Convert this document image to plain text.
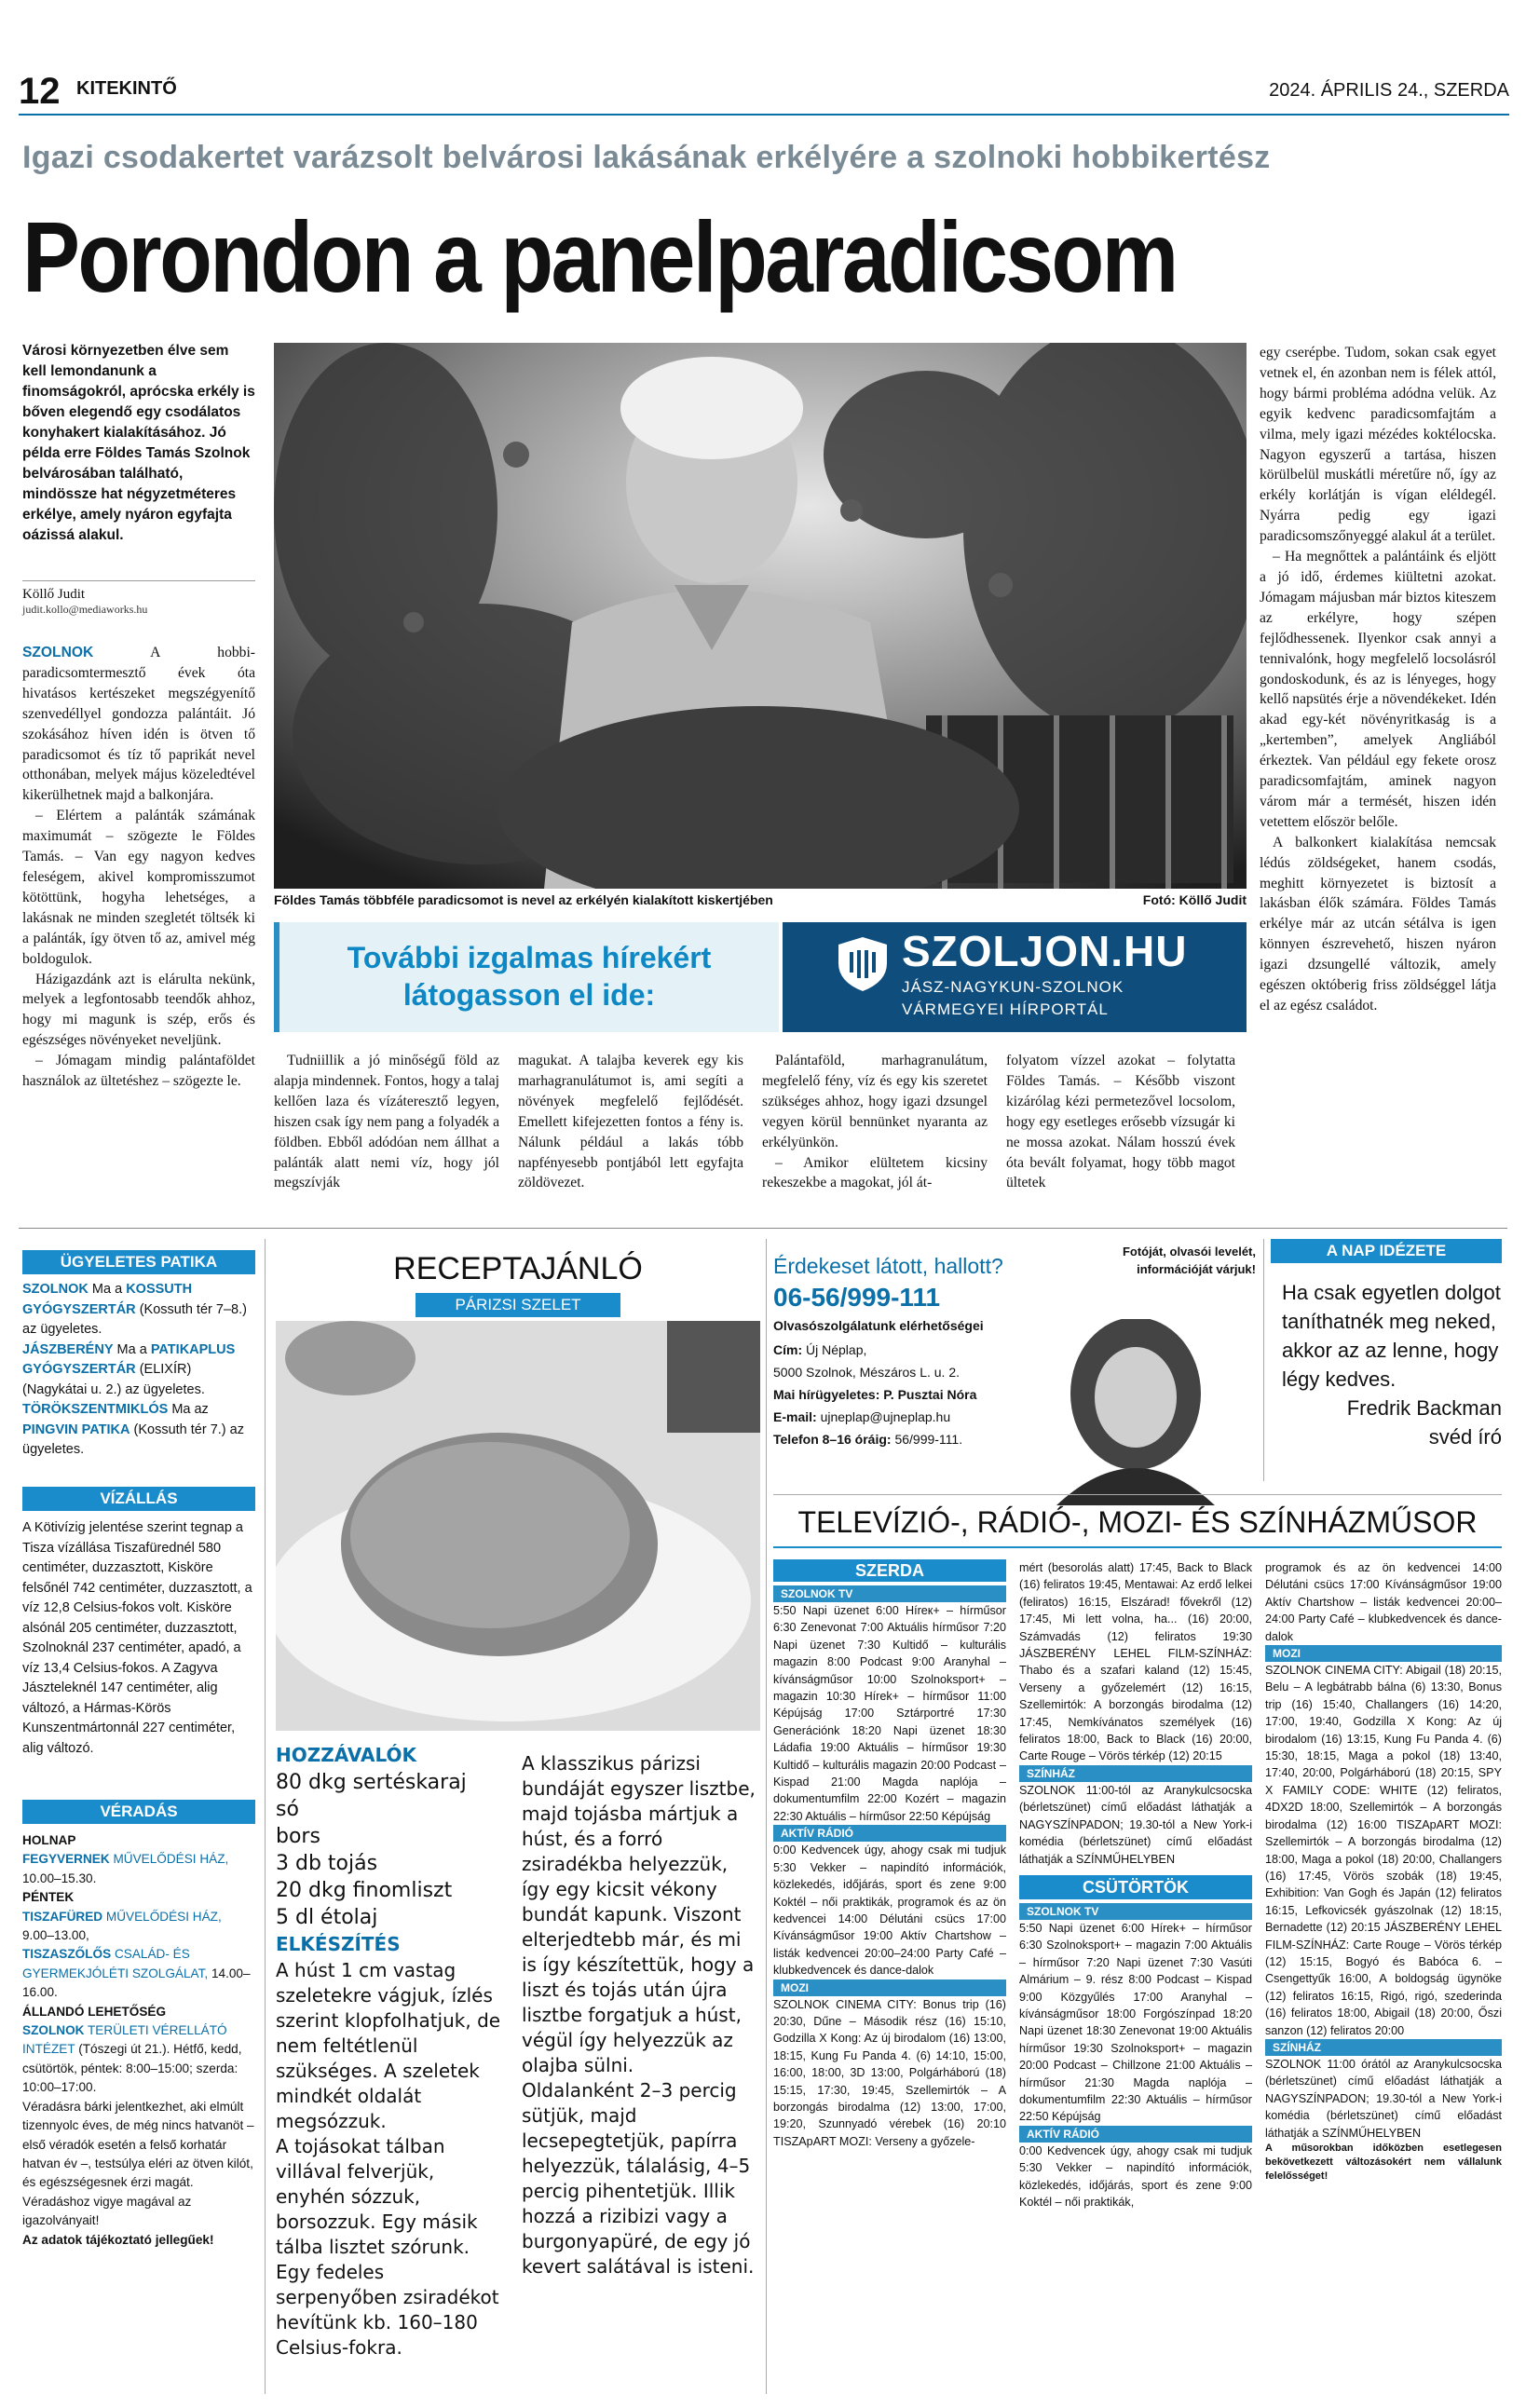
12 KITEKINTŐ	2024. ÁPRILIS 24., SZERDA
Igazi csodakertet varázsolt belvárosi lakásának erkélyére a szolnoki hobbikertész
Porondon a panelparadicsom
Városi környezetben élve sem kell lemondanunk a finomságokról, aprócska erkély is bőven elegendő egy csodálatos konyhakert kialakításához. Jó példa erre Földes Tamás Szolnok belvárosában található, mindössze hat négyzetméteres erkélye, amely nyáron egyfajta oázissá alakul.
Köllő Judit
judit.kollo@mediaworks.hu

SZOLNOK	A hobbi-paradicsomtermesztő évek óta hivatásos kertészeket megszégyenítő szenvedéllyel gondozza palántáit. Jó szokásához híven idén is ötven tő paradicsomot és tíz tő paprikát nevel otthonában, melyek május közeledtével kikerülhetnek majd a balkonjára.

– Elértem a palánták számának maximumát – szögezte le Földes Tamás. – Van egy nagyon kedves feleségem, akivel kompromisszumot kötöttünk, hogyha lehetséges, a lakásnak ne minden szegletét töltsék ki a palánták, így ötven tő az, amivel még boldogulok.

Házigazdánk azt is elárulta nekünk, melyek a legfontosabb teendők ahhoz, hogy mi magunk is szép, erős és egészséges növényeket neveljünk.

– Jómagam mindig palántaföldet használok az ültetéshez – szögezte le.

Földes Tamás többféle paradicsomot is nevel az erkélyén kialakított kiskertjében	Fotó: Köllő Judit
További izgalmas hírekért
látogasson el ide:
SZOLJON.HU
JÁSZ-NAGYKUN-SZOLNOK
VÁRMEGYEI HÍRPORTÁL

Tudniillik a jó minőségű föld az alapja mindennek. Fontos, hogy a talaj kellően laza és vízáteresztő legyen, hiszen csak így nem pang a folyadék a földben. Ebből adódóan nem állhat a palánták alatt nemi víz, hogy jól megszívják

magukat. A talajba keverek egy kis marhagranulátumot is, ami segíti a növények megfelelő fejlődését. Emellett kifejezetten fontos a fény is. Nálunk például a lakás tóbb napfényesebb pontjából lett egyfajta zöldövezet.

Palántaföld, marhagranulátum, megfelelő fény, víz és egy kis szeretet szükséges ahhoz, hogy igazi dzsungel vegyen körül bennünket nyaranta az erkélyünkön.

– Amikor elültetem kicsiny rekeszekbe a magokat, jól át-

folyatom vízzel azokat – folytatta Földes Tamás. – Később viszont kizárólag kézi permetezővel locsolom, hogy egy esetleges erősebb vízsugár ki ne mossa azokat. Nálam hosszú évek óta bevált folyamat, hogy több magot ültetek

egy cserépbe. Tudom, sokan csak egyet vetnek el, én azonban nem is félek attól, hogy bármi probléma adódna velük. Az egyik kedvenc paradicsomfajtám a vilma, mely igazi mézédes koktélocska. Nagyon egyszerű a tartása, hiszen körülbelül muskátli méretűre nő, így az erkély korlátján is vígan eléldegél. Nyárra pedig egy igazi paradicsomszőnyeggé alakul át a terület.

– Ha megnőttek a palántáink és eljött a jó idő, érdemes kiültetni azokat. Jómagam májusban már biztos kiteszem az erkélyre, hogy szépen fejlődhessenek. Ilyenkor csak annyi a tennivalónk, hogy megfelelő locsolásról gondoskodunk, és az is lényeges, hogy kellő napsütés érje a növendékeket. Idén akad egy-két növényritkaság is a „kertemben”, amelyek Angliából érkeztek. Van például egy fekete orosz paradicsomfajtám, aminek nagyon várom már a termését, hiszen idén vetettem először belőle.

A balkonkert kialakítása nemcsak lédús zöldségeket, hanem csodás, meghitt környezetet is biztosít a lakásban élők számára. Földes Tamás erkélye már az utcán sétálva is igen könnyen észrevehető, hiszen nyáron igazi dzsungellé változik, amely egészen októberig friss zöldséggel látja el az egész családot.

ÜGYELETES PATIKA
SZOLNOK Ma a KOSSUTH GYÓGYSZERTÁR (Kossuth tér 7–8.) az ügyeletes.
JÁSZBERÉNY Ma a PATIKAPLUS GYÓGYSZERTÁR (ELIXÍR) (Nagykátai u. 2.) az ügyeletes.
TÖRÖKSZENTMIKLÓS Ma az PINGVIN PATIKA (Kossuth tér 7.) az ügyeletes.
VÍZÁLLÁS
A Kötivízig jelentése szerint tegnap a Tisza vízállása Tiszafürednél 580 centiméter, duzzasztott, Kisköre felsőnél 742 centiméter, duzzasztott, a víz 12,8 Celsius-fokos volt. Kisköre alsónál 205 centiméter, duzzasztott, Szolnoknál 237 centiméter, apadó, a víz 13,4 Celsius-fokos. A Zagyva Jászteleknél 147 centiméter, alig változó, a Hármas-Körös Kunszentmártonnál 227 centiméter, alig változó.
VÉRADÁS
HOLNAP
FEGYVERNEK MŰVELŐDÉSI HÁZ, 10.00–15.30.
PÉNTEK
TISZAFÜRED MŰVELŐDÉSI HÁZ, 9.00–13.00,
TISZASZŐLŐS CSALÁD- ÉS GYERMEKJÓLÉTI SZOLGÁLAT, 14.00–16.00.
ÁLLANDÓ LEHETŐSÉG
SZOLNOK TERÜLETI VÉRELLÁTÓ INTÉZET (Tószegi út 21.). Hétfő, kedd, csütörtök, péntek: 8:00–15:00; szerda: 10:00–17:00.
Véradásra bárki jelentkezhet, aki elmúlt tizennyolc éves, de még nincs hatvanöt – első véradók esetén a felső korhatár hatvan év –, testsúlya eléri az ötven kilót, és egészségesnek érzi magát. Véradáshoz vigye magával az igazolványait!
Az adatok tájékoztató jellegűek!
RECEPTAJÁNLÓ
PÁRIZSI SZELET
HOZZÁVALÓK
80 dkg sertéskaraj
só
bors
3 db tojás
20 dkg finomliszt
5 dl étolaj
ELKÉSZÍTÉS
A húst 1 cm vastag szeletekre vágjuk, ízlés szerint klopfolhatjuk, de nem feltétlenül szükséges. A szeletek mindkét oldalát megsózzuk.
A tojásokat tálban villával felverjük, enyhén sózzuk, borsozzuk. Egy másik tálba lisztet szórunk.
Egy fedeles serpenyőben zsiradékot hevítünk kb. 160–180 Celsius-fokra.
A klasszikus párizsi bundáját egyszer lisztbe, majd tojásba mártjuk a húst, és a forró zsiradékba helyezzük, így egy kicsit vékony bundát kapunk. Viszont elterjedtebb már, és mi is így készítettük, hogy a liszt és tojás után újra lisztbe forgatjuk a húst, végül így helyezzük az olajba sülni.
Oldalanként 2–3 percig sütjük, majd lecsepegtetjük, papírra helyezzük, tálalásig, 4–5 percig pihentetjük. Illik hozzá a rizibizi vagy a burgonyapüré, de egy jó kevert salátával is isteni.
Érdekeset látott, hallott?
06-56/999-111
Olvasószolgálatunk elérhetőségei
Cím: Új Néplap,
5000 Szolnok, Mészáros L. u. 2.
Mai hírügyeletes: P. Pusztai Nóra
E-mail: ujneplap@ujneplap.hu
Telefon 8–16 óráig: 56/999-111.
Fotóját, olvasói levelét, információját várjuk!
A NAP IDÉZETE
Ha csak egyetlen dolgot taníthatnék meg neked, akkor az az lenne, hogy légy kedves.
Fredrik Backman
svéd író
TELEVÍZIÓ-, RÁDIÓ-, MOZI- ÉS SZÍNHÁZMŰSOR
SZERDA
SZOLNOK TV
5:50 Napi üzenet 6:00 Híreк+ – hírműsor 6:30 Zenevonat 7:00 Aktuális hírműsor 7:20 Napi üzenet 7:30 Kultidő – kulturális magazin 8:00 Podcast 9:00 Aranyhal – kívánságműsor 10:00 Szolnoksport+ – magazin 10:30 Hírek+ – hírműsor 11:00 Képújság 17:00 Sztárportré 17:30 Generációnk 18:20 Napi üzenet 18:30 Ládafia 19:00 Aktuális – hírműsor 19:30 Kultidő – kulturális magazin 20:00 Podcast – Kispad 21:00 Magda naplója – dokumentumfilm 22:00 Kozért – magazin 22:30 Aktuális – hírműsor 22:50 Képújság
AKTÍV RÁDIÓ
0:00 Kedvencek úgy, ahogy csak mi tudjuk 5:30 Vekker – napindító információk, közlekedés, időjárás, sport és zene 9:00 Koktél – női praktikák, programok és az ön kedvencei 14:00 Délutáni csücs 17:00 Kívánságműsor 19:00 Aktív Chartshow – listák kedvencei 20:00–24:00 Party Café – klubkedvencek és dance-dalok
MOZI
SZOLNOK CINEMA CITY: Bonus trip (16) 20:30, Dűne – Második rész (16) 15:10, Godzilla X Kong: Az új birodalom (16) 13:00, 18:15, Kung Fu Panda 4. (6) 14:10, 15:00, 16:00, 18:00, 3D 13:00, Polgárháború (18) 15:15, 17:30, 19:45, Szellemirtók – A borzongás birodalma (12) 13:00, 17:00, 19:20, Szunnyadó vérebek (16) 20:10 TISZApART MOZI: Verseny a győzele-
mért (besorolás alatt) 17:45, Back to Black (16) feliratos 19:45, Mentawai: Az erdő lelkei (feliratos) 16:15, Elszárad! fővekről (12) 17:45, Mi lett volna, ha... (16) 20:00, Számvadás (12) feliratos 19:30 JÁSZBERÉNY LEHEL FILM-SZÍNHÁZ: Thabo és a szafari kaland (12) 15:45, Verseny a győzelemért (12) 16:15, Szellemirtók: A borzongás birodalma (12) 17:45, Nemkívánatos személyek (16) feliratos 18:00, Back to Black (16) 20:00, Carte Rouge – Vörös térkép (12) 20:15
SZÍNHÁZ
SZOLNOK 11:00-tól az Aranykulcsocska (bérletszünet) című előadást láthatják a NAGYSZÍNPADON; 19.30-tól a New York-i komédia (bérletszünet) című előadást láthatják a SZÍNMŰHELYBEN
CSÜTÖRTÖK
SZOLNOK TV
5:50 Napi üzenet 6:00 Hírek+ – hírműsor 6:30 Szolnoksport+ – magazin 7:00 Aktuális – hírműsor 7:20 Napi üzenet 7:30 Vasúti Almárium – 9. rész 8:00 Podcast – Kispad 9:00 Közgyűlés 17:00 Aranyhal – kívánságműsor 18:00 Forgószínpad 18:20 Napi üzenet 18:30 Zenevonat 19:00 Aktuális hírműsor 19:30 Szolnoksport+ – magazin 20:00 Podcast – Chillzone 21:00 Aktuális – hírműsor 21:30 Magda naplója – dokumentumfilm 22:30 Aktuális – hírműsor 22:50 Képújság
AKTÍV RÁDIÓ
0:00 Kedvencek úgy, ahogy csak mi tudjuk 5:30 Vekker – napindító információk, közlekedés, időjárás, sport és zene 9:00 Koktél – női praktikák,
programok és az ön kedvencei 14:00 Délutáni csücs 17:00 Kívánságműsor 19:00 Aktív Chartshow – listák kedvencei 20:00–24:00 Party Café – klubkedvencek és dance-dalok
MOZI
SZOLNOK CINEMA CITY: Abigail (18) 20:15, Belu – A legbátrabb bálna (6) 13:30, Bonus trip (16) 15:40, Challangers (16) 14:20, 17:00, 19:40, Godzilla X Kong: Az új birodalom (16) 13:15, Kung Fu Panda 4. (6) 15:30, 18:15, Maga a pokol (18) 13:40, 17:40, 20:00, Polgárháború (18) 20:15, SPY X FAMILY CODE: WHITE (12) feliratos, 4DX2D 18:00, Szellemirtók – A borzongás birodalma (12) 16:00 TISZApART MOZI: Szellemirtók – A borzongás birodalma (12) 18:00, Maga a pokol (18) 20:00, Challangers (16) 17:45, Vörös szobák (18) 19:45, Exhibition: Van Gogh és Japán (12) feliratos 16:15, Lefkovicsék gyászolnak (12) 18:15, Bernadette (12) 20:15 JÁSZBERÉNY LEHEL FILM-SZÍNHÁZ: Carte Rouge – Vörös térkép (12) 15:15, Bogyó és Babóca 6. – Csengettyűk 16:00, A boldogság ügynöke (12) feliratos 16:15, Rigó, rigó, szederinda (16) feliratos 18:00, Abigail (18) 20:00, Őszi sanzon (12) feliratos 20:00
SZÍNHÁZ
SZOLNOK 11:00 órától az Aranykulcsocska (bérletszünet) című előadást láthatják a NAGYSZÍNPADON; 19.30-tól a New York-i komédia (bérletszünet) című előadást láthatják a SZÍNMŰHELYBEN
A műsorokban időközben esetlegesen bekövetkezett változásokért nem vállalunk felelősséget!
